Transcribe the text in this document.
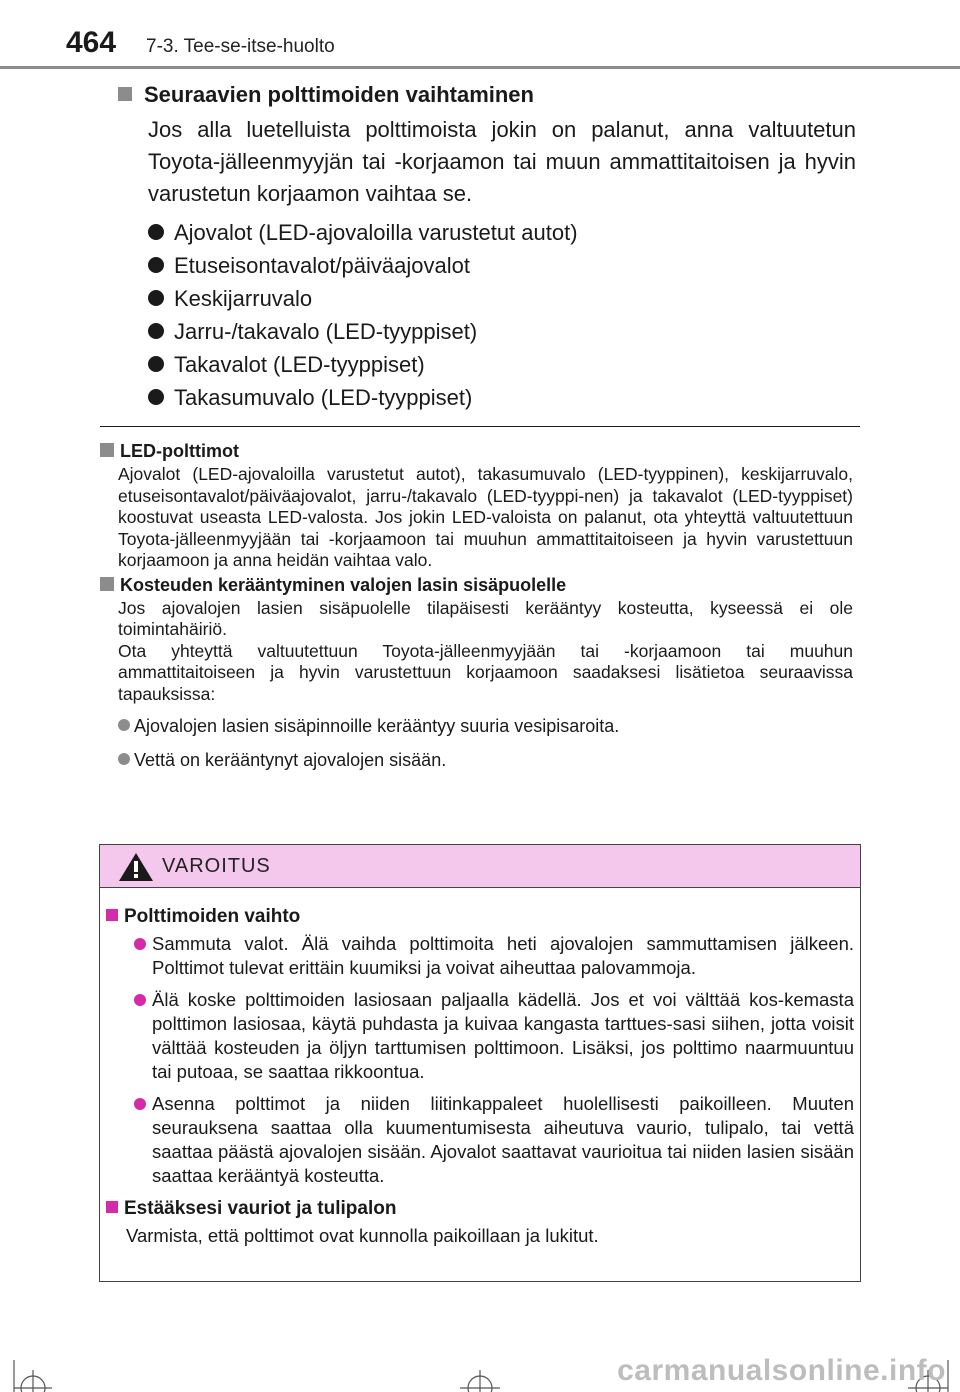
464 7-3. Tee-se-itse-huolto
Seuraavien polttimoiden vaihtaminen
Jos alla luetelluista polttimoista jokin on palanut, anna valtuutetun Toyota-jälleenmyyjän tai -korjaamon tai muun ammattitaitoisen ja hyvin varustetun korjaamon vaihtaa se.
Ajovalot (LED-ajovaloilla varustetut autot)
Etuseisontavalot/päiväajovalot
Keskijarruvalo
Jarru-/takavalo (LED-tyyppiset)
Takavalot (LED-tyyppiset)
Takasumuvalo (LED-tyyppiset)
LED-polttimot
Ajovalot (LED-ajovaloilla varustetut autot), takasumuvalo (LED-tyyppinen), keskijarruvalo, etuseisontavalot/päiväajovalot, jarru-/takavalo (LED-tyyppi-nen) ja takavalot (LED-tyyppiset) koostuvat useasta LED-valosta. Jos jokin LED-valoista on palanut, ota yhteyttä valtuutettuun Toyota-jälleenmyyjään tai -korjaamoon tai muuhun ammattitaitoiseen ja hyvin varustettuun korjaamoon ja anna heidän vaihtaa valo.
Kosteuden kerääntyminen valojen lasin sisäpuolelle
Jos ajovalojen lasien sisäpuolelle tilapäisesti kerääntyy kosteutta, kyseessä ei ole toimintahäiriö.
Ota yhteyttä valtuutettuun Toyota-jälleenmyyjään tai -korjaamoon tai muuhun ammattitaitoiseen ja hyvin varustettuun korjaamoon saadaksesi lisätietoa seuraavissa tapauksissa:
Ajovalojen lasien sisäpinnoille kerääntyy suuria vesipisaroita.
Vettä on kerääntynyt ajovalojen sisään.
VAROITUS
Polttimoiden vaihto
Sammuta valot. Älä vaihda polttimoita heti ajovalojen sammuttamisen jälkeen. Polttimot tulevat erittäin kuumiksi ja voivat aiheuttaa palovammoja.
Älä koske polttimoiden lasiosaan paljaalla kädellä. Jos et voi välttää kos-kemasta polttimon lasiosaa, käytä puhdasta ja kuivaa kangasta tarttues-sasi siihen, jotta voisit välttää kosteuden ja öljyn tarttumisen polttimoon. Lisäksi, jos polttimo naarmuuntuu tai putoaa, se saattaa rikkoontua.
Asenna polttimot ja niiden liitinkappaleet huolellisesti paikoilleen. Muuten seurauksena saattaa olla kuumentumisesta aiheutuva vaurio, tulipalo, tai vettä saattaa päästä ajovalojen sisään. Ajovalot saattavat vaurioitua tai niiden lasien sisään saattaa kerääntyä kosteutta.
Estääksesi vauriot ja tulipalon
Varmista, että polttimot ovat kunnolla paikoillaan ja lukitut.
carmanualsonline.info
